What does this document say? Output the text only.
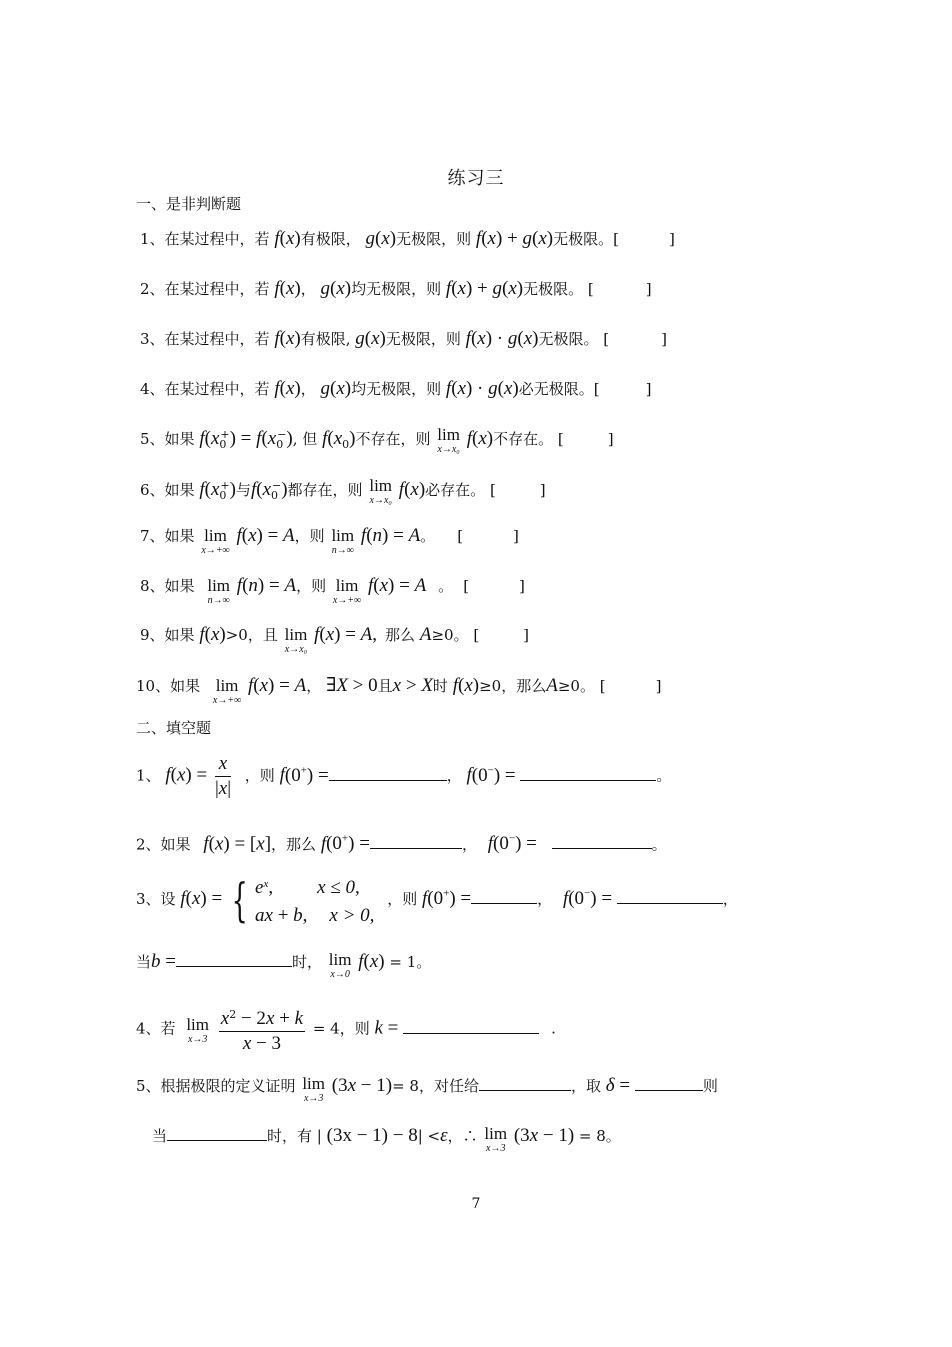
练习三
一、是非判断题
1、在某过程中，若 f(x)有极限， g(x)无极限，则 f(x) + g(x)无极限。[	]
2、在某过程中，若 f(x)， g(x)均无极限，则 f(x) + g(x)无极限。 [	]
3、在某过程中，若 f(x)有极限, g(x)无极限，则 f(x) · g(x)无极限。 [	]
4、在某过程中，若 f(x)， g(x)均无极限，则 f(x) · g(x)必无极限。[	]
5、如果 $f(x_0^+) = f(x_0^-)$, 但 $f(x_0)$不存在，则 lim
x→x₀
f(x)不存在。 [	]
6、如果 $f(x_0^+)$与$f(x_0^-)$都存在，则 lim
x→x₀
f(x)必存在。 [	]
7、如果 lim
x→+∞
f(x) = A，则 lim
n→∞
f(n) = A。 [	]
8、如果 lim
n→∞
f(n) = A，则 lim
x→+∞
f(x) = A 。 [	]
9、如果 f(x)>0，且 lim
x→x₀
f(x) = A, 那么 A≥0。 [	]
10、如果 lim
x→+∞
f(x) = A， ∃X > 0且x > X时 f(x)≥0，那么A≥0。 [	]
二、填空题
1、 $f(x) = \frac{x}{|x|}$ ，则 f(0+) =	， f(0−) =	。
2、如果 f(x) = [x]，那么 f(0+) =	， f(0−) =	。
3、设 f(x) = { $e^x$, x ≤ 0,
ax + b, x > 0,
，则 f(0+) =	， f(0−) =	，
当b =	时， lim
x→0
f(x) = 1。
4、若 lim
x→3
$\frac{x^2 - 2x + k}{x - 3} = 4$，则 k =	.
5、根据极限的定义证明 lim
x→3
(3x − 1)= 8，对任给	，取 δ =	则
当	时，有 | (3x − 1) − 8| <ε，∴ lim
x→3
(3x − 1) = 8。
7
